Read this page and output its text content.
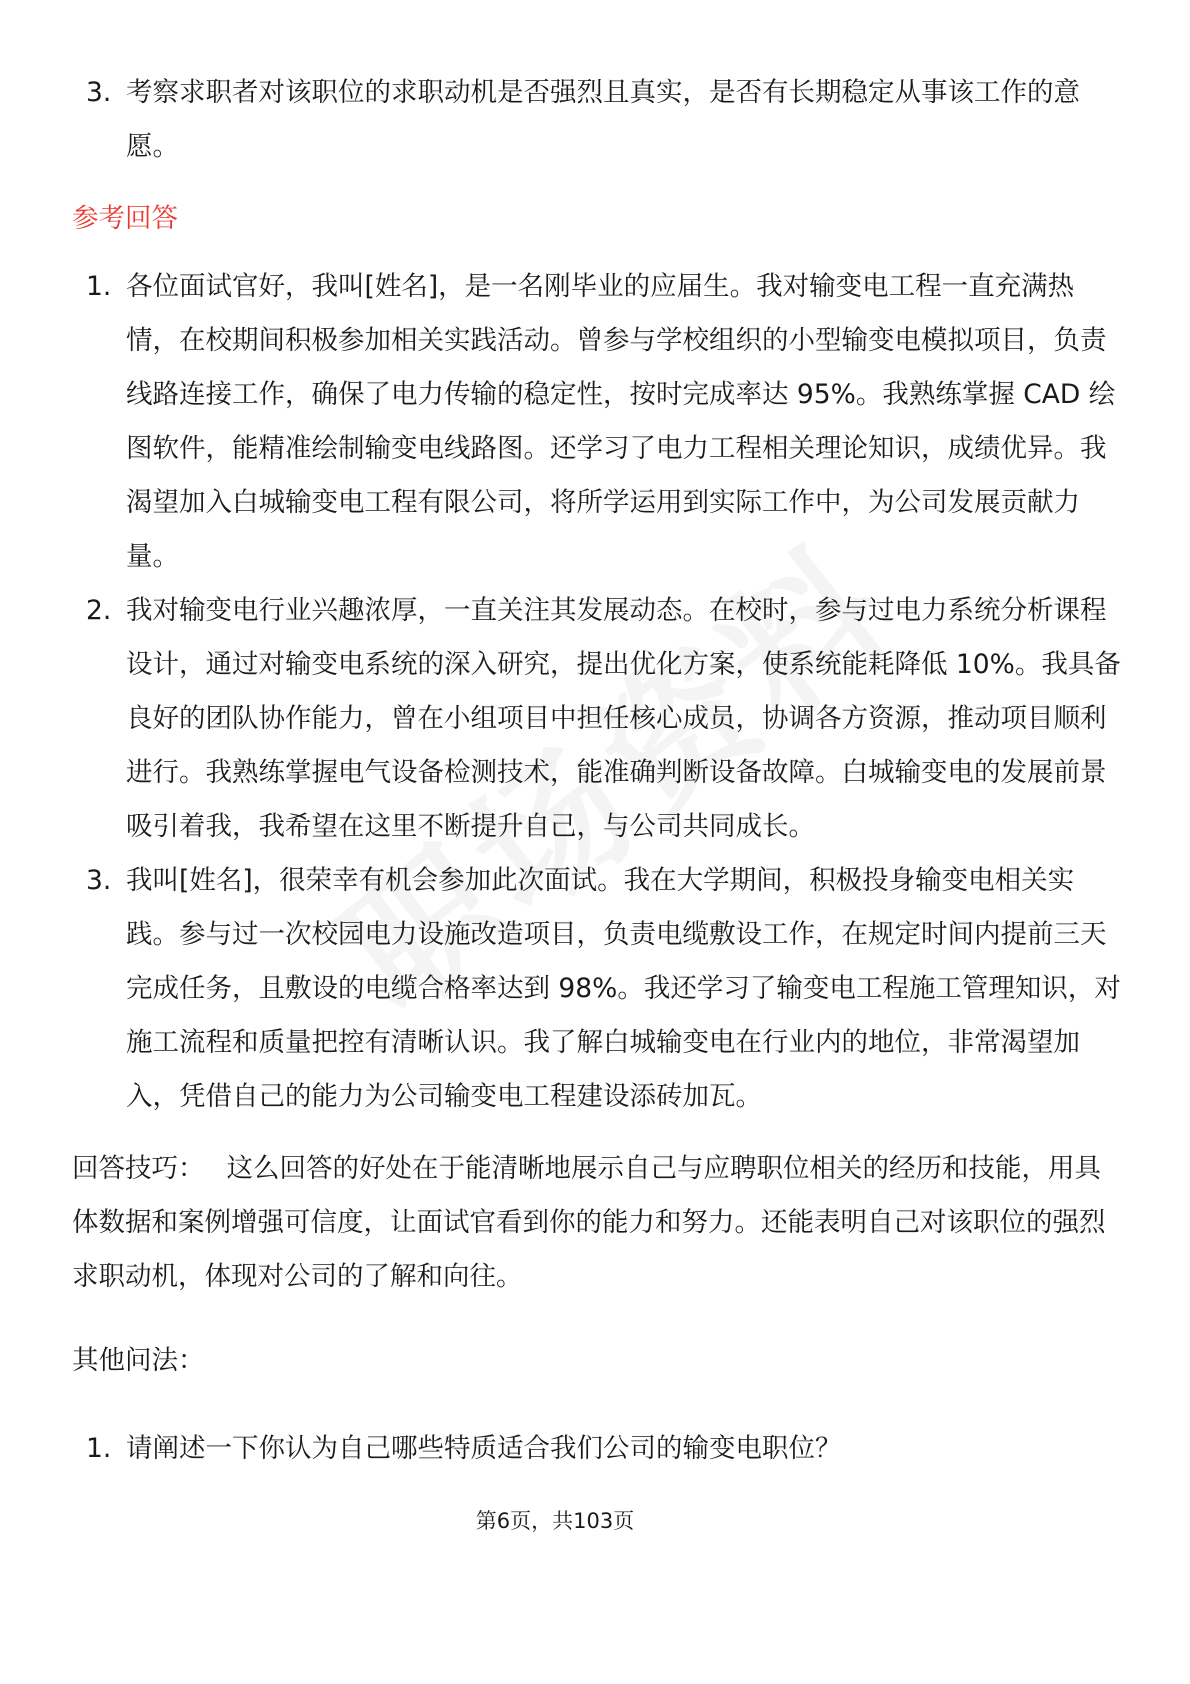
3. 考察求职者对该职位的求职动机是否强烈且真实，是否有长期稳定从事该工作的意愿。
参考回答
1. 各位面试官好，我叫[姓名]，是一名刚毕业的应届生。我对输变电工程一直充满热情，在校期间积极参加相关实践活动。曾参与学校组织的小型输变电模拟项目，负责线路连接工作，确保了电力传输的稳定性，按时完成率达 95%。我熟练掌握 CAD 绘图软件，能精准绘制输变电线路图。还学习了电力工程相关理论知识，成绩优异。我渴望加入白城输变电工程有限公司，将所学运用到实际工作中，为公司发展贡献力量。
2. 我对输变电行业兴趣浓厚，一直关注其发展动态。在校时，参与过电力系统分析课程设计，通过对输变电系统的深入研究，提出优化方案，使系统能耗降低 10%。我具备良好的团队协作能力，曾在小组项目中担任核心成员，协调各方资源，推动项目顺利进行。我熟练掌握电气设备检测技术，能准确判断设备故障。白城输变电的发展前景吸引着我，我希望在这里不断提升自己，与公司共同成长。
3. 我叫[姓名]，很荣幸有机会参加此次面试。我在大学期间，积极投身输变电相关实践。参与过一次校园电力设施改造项目，负责电缆敷设工作，在规定时间内提前三天完成任务，且敷设的电缆合格率达到 98%。我还学习了输变电工程施工管理知识，对施工流程和质量把控有清晰认识。我了解白城输变电在行业内的地位，非常渴望加入，凭借自己的能力为公司输变电工程建设添砖加瓦。
回答技巧： 这么回答的好处在于能清晰地展示自己与应聘职位相关的经历和技能，用具体数据和案例增强可信度，让面试官看到你的能力和努力。还能表明自己对该职位的强烈求职动机，体现对公司的了解和向往。
其他问法：
1. 请阐述一下你认为自己哪些特质适合我们公司的输变电职位？
第6页，共103页
